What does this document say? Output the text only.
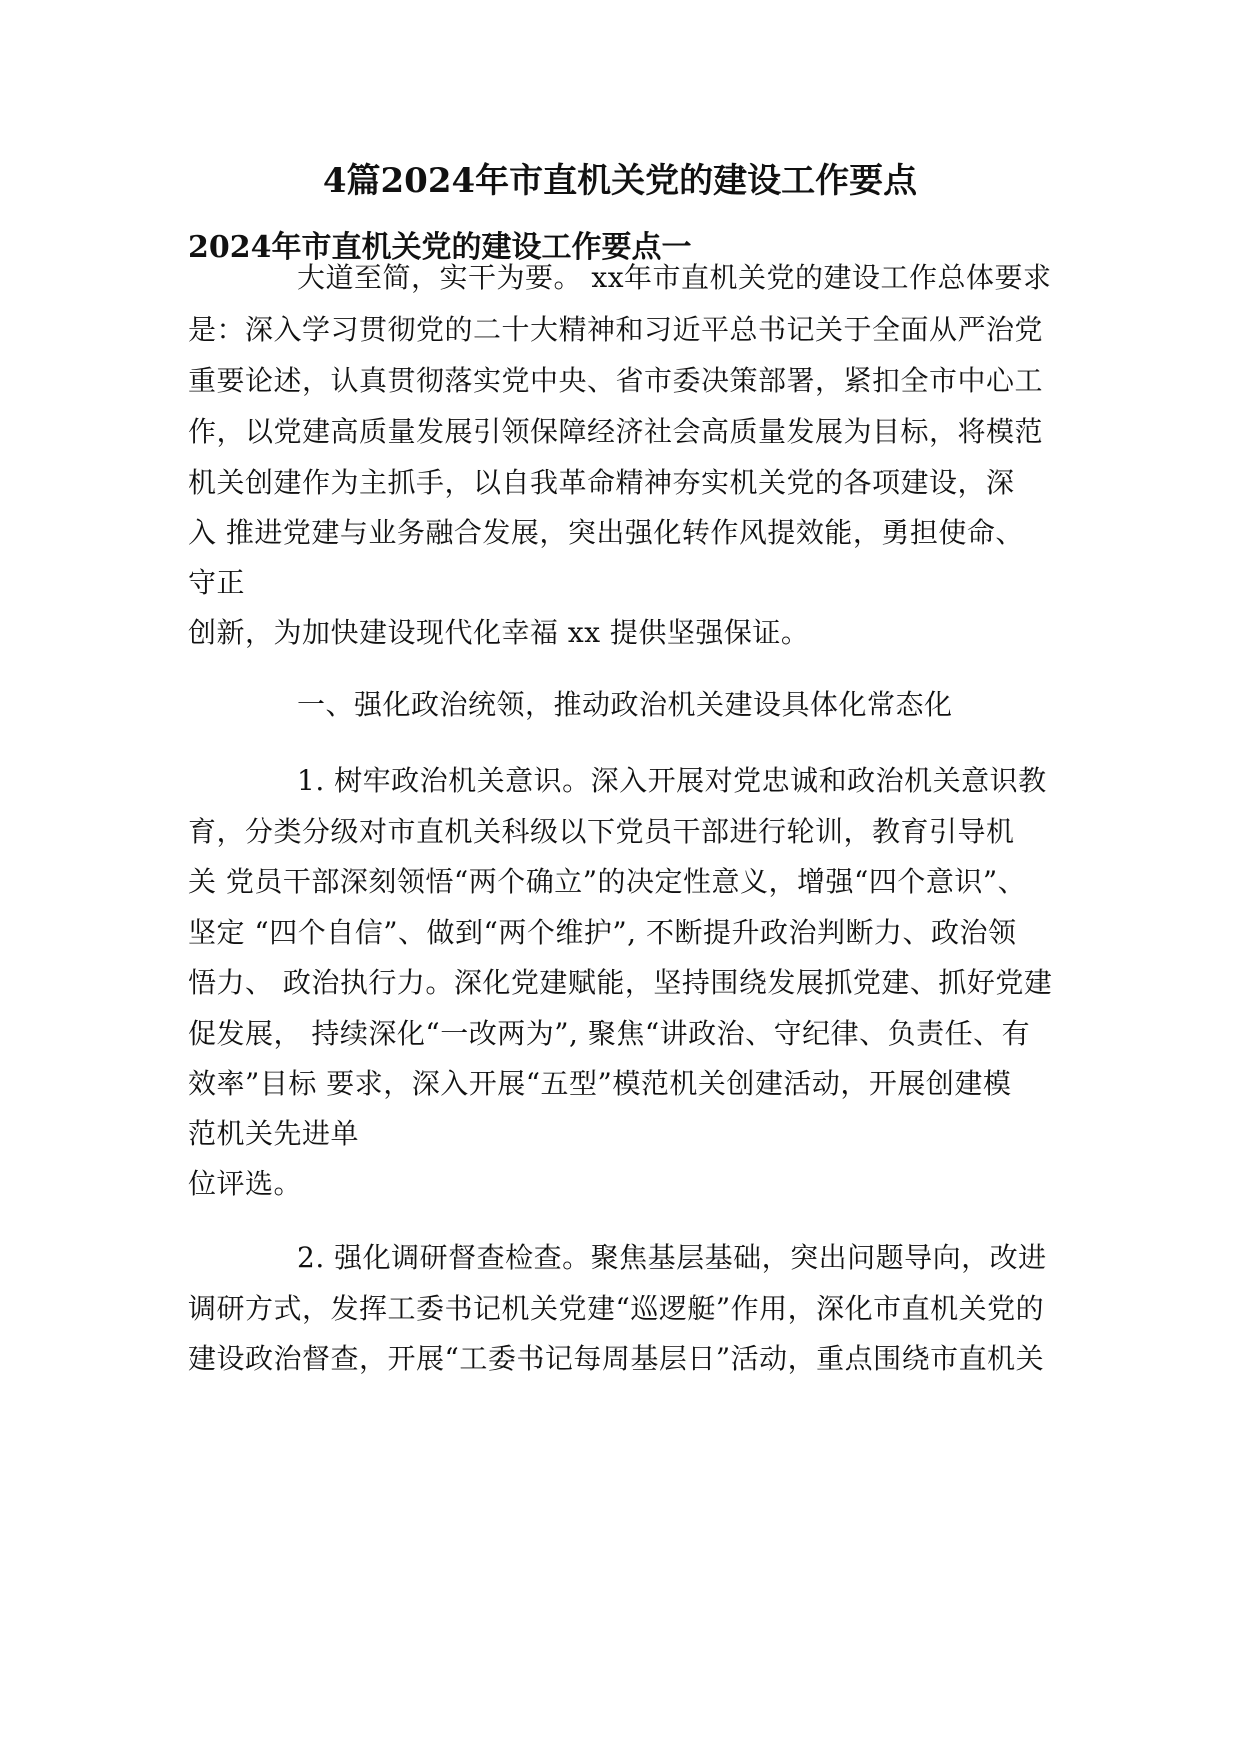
4篇2024年市直机关党的建设工作要点
2024年市直机关党的建设工作要点一
大道至简，实干为要。 xx年市直机关党的建设工作总体要求
是：深入学习贯彻党的二十大精神和习近平总书记关于全面从严治党
重要论述，认真贯彻落实党中央、省市委决策部署，紧扣全市中心工
作，以党建高质量发展引领保障经济社会高质量发展为目标，将模范
机关创建作为主抓手，以自我革命精神夯实机关党的各项建设，深
入 推进党建与业务融合发展，突出强化转作风提效能，勇担使命、
守正
创新，为加快建设现代化幸福 xx 提供坚强保证。
一、强化政治统领，推动政治机关建设具体化常态化
1. 树牢政治机关意识。深入开展对党忠诚和政治机关意识教
育，分类分级对市直机关科级以下党员干部进行轮训，教育引导机
关 党员干部深刻领悟“两个确立”的决定性意义，增强“四个意识”、
坚定 “四个自信”、做到“两个维护”, 不断提升政治判断力、政治领
悟力、 政治执行力。深化党建赋能，坚持围绕发展抓党建、抓好党建
促发展， 持续深化“一改两为”, 聚焦“讲政治、守纪律、负责任、有
效率”目标 要求，深入开展“五型”模范机关创建活动，开展创建模
范机关先进单
位评选。
2. 强化调研督查检查。聚焦基层基础，突出问题导向，改进
调研方式，发挥工委书记机关党建“巡逻艇”作用，深化市直机关党的
建设政治督查，开展“工委书记每周基层日”活动，重点围绕市直机关
